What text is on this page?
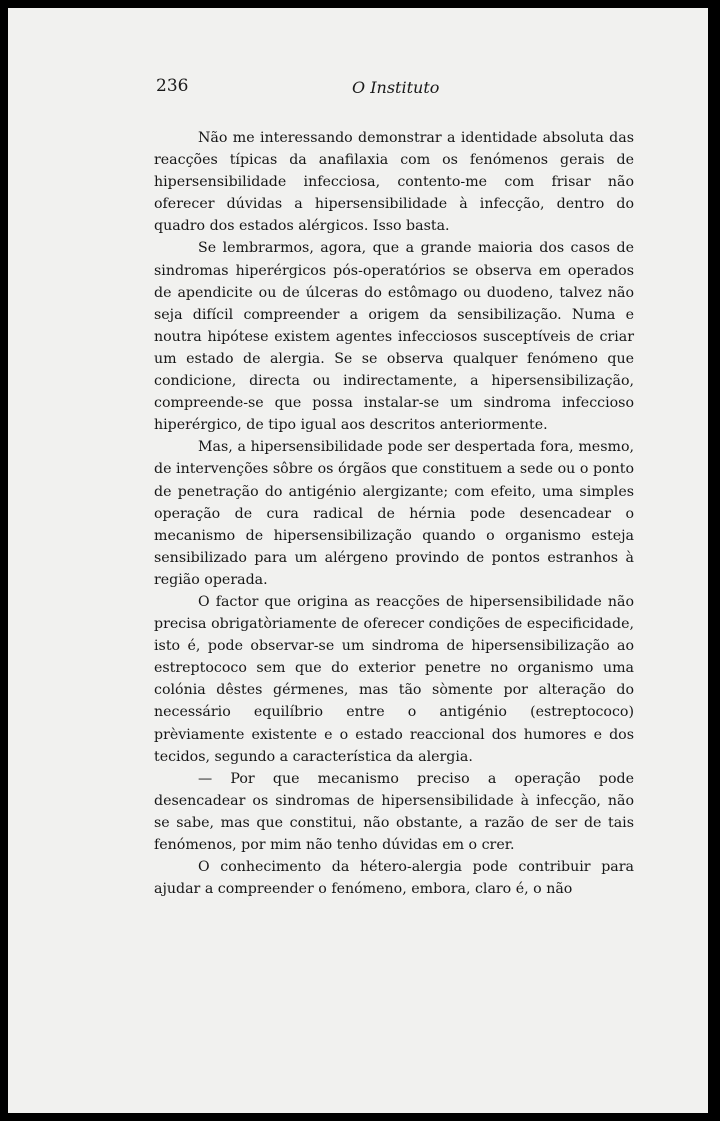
236	O Instituto

Não me interessando demonstrar a identidade absoluta das reacções típicas da anafilaxia com os fenómenos gerais de hipersensibilidade infecciosa, contento-me com frisar não oferecer dúvidas a hipersensibilidade à infecção, dentro do quadro dos estados alérgicos. Isso basta.

Se lembrarmos, agora, que a grande maioria dos casos de sindromas hiperérgicos pós-operatórios se observa em operados de apendicite ou de úlceras do estômago ou duodeno, talvez não seja difícil compreender a origem da sensibilização. Numa e noutra hipótese existem agentes infecciosos susceptíveis de criar um estado de alergia. Se se observa qualquer fenómeno que condicione, directa ou indirectamente, a hipersensibilização, compreende-se que possa instalar-se um sindroma infeccioso hiperérgico, de tipo igual aos descritos anteriormente.

Mas, a hipersensibilidade pode ser despertada fora, mesmo, de intervenções sôbre os órgãos que constituem a sede ou o ponto de penetração do antigénio alergizante; com efeito, uma simples operação de cura radical de hérnia pode desencadear o mecanismo de hipersensibilização quando o organismo esteja sensibilizado para um alérgeno provindo de pontos estranhos à região operada.

O factor que origina as reacções de hipersensibilidade não precisa obrigatòriamente de oferecer condições de especificidade, isto é, pode observar-se um sindroma de hipersensibilização ao estreptococo sem que do exterior penetre no organismo uma colónia dêstes gérmenes, mas tão sòmente por alteração do necessário equilíbrio entre o antigénio (estreptococo) prèviamente existente e o estado reaccional dos humores e dos tecidos, segundo a característica da alergia.

— Por que mecanismo preciso a operação pode desencadear os sindromas de hipersensibilidade à infecção, não se sabe, mas que constitui, não obstante, a razão de ser de tais fenómenos, por mim não tenho dúvidas em o crer.

O conhecimento da hétero-alergia pode contribuir para ajudar a compreender o fenómeno, embora, claro é, o não
